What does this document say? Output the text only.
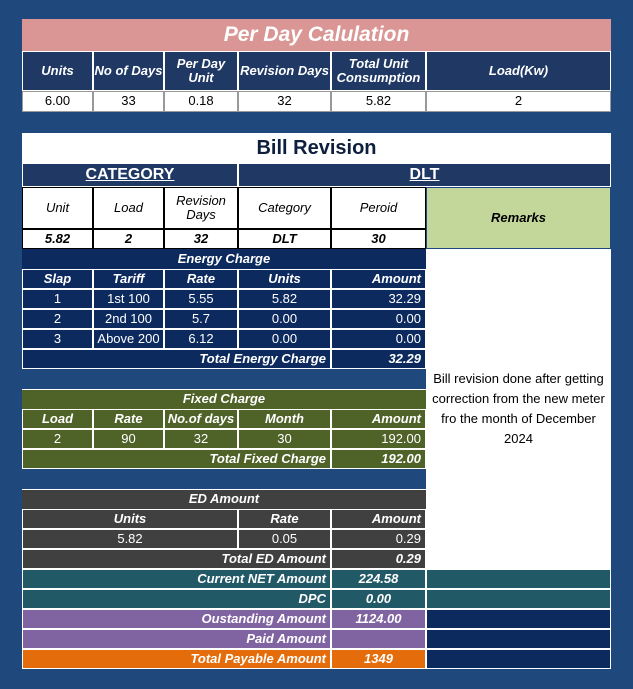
Per Day Calulation
Units	No of Days	Per Day Unit	Revision Days	Total Unit Consumption	Load(Kw)
6.00	33	0.18	32	5.82	2
Bill Revision
CATEGORY	DLT
Unit	Load	Revision Days	Category	Peroid
5.82	2	32	DLT	30
Remarks
Bill revision done after getting correction from the new meter fro the month of December 2024
Energy Charge
Slap	Tariff	Rate	Units	Amount
1	1st 100	5.55	5.82	32.29
2	2nd 100	5.7	0.00	0.00
3	Above 200	6.12	0.00	0.00
Total Energy Charge	32.29
Fixed Charge
Load	Rate	No.of days	Month	Amount
2	90	32	30	192.00
Total Fixed Charge	192.00
ED Amount
Units	Rate	Amount
5.82	0.05	0.29
Total ED Amount	0.29
Current NET Amount	224.58
DPC	0.00
Oustanding Amount	1124.00
Paid Amount
Total Payable Amount	1349
